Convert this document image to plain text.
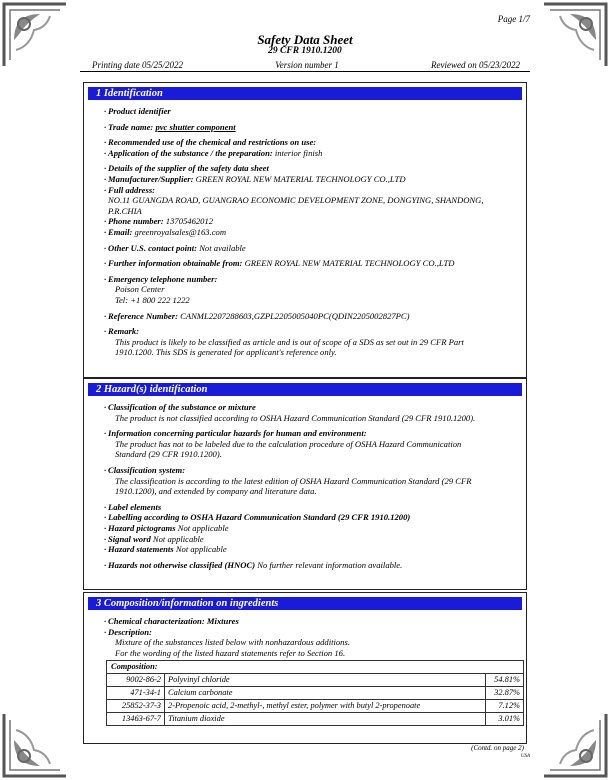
Page 1/7
Safety Data Sheet
29 CFR 1910.1200
Printing date 05/25/2022	Version number 1	Reviewed on 05/23/2022
1 Identification
· Product identifier
· Trade name: pvc shutter component
· Recommended use of the chemical and restrictions on use:
· Application of the substance / the preparation: interior finish
· Details of the supplier of the safety data sheet
· Manufacturer/Supplier: GREEN ROYAL NEW MATERIAL TECHNOLOGY CO.,LTD
· Full address:
NO.11 GUANGDA ROAD, GUANGRAO ECONOMIC DEVELOPMENT ZONE, DONGYING, SHANDONG,
P.R.CHIA
· Phone number: 13705462012
· Email: greenroyalsales@163.com
· Other U.S. contact point: Not available
· Further information obtainable from: GREEN ROYAL NEW MATERIAL TECHNOLOGY CO.,LTD
· Emergency telephone number:
Poison Center
Tel: +1 800 222 1222
· Reference Number: CANML2207288603,GZPL2205005040PC(QDIN2205002827PC)
· Remark:
This product is likely to be classified as article and is out of scope of a SDS as set out in 29 CFR Part
1910.1200. This SDS is generated for applicant's reference only.
2 Hazard(s) identification
· Classification of the substance or mixture
The product is not classified according to OSHA Hazard Communication Standard (29 CFR 1910.1200).
· Information concerning particular hazards for human and environment:
The product has not to be labeled due to the calculation procedure of OSHA Hazard Communication
Standard (29 CFR 1910.1200).
· Classification system:
The classification is according to the latest edition of OSHA Hazard Communication Standard (29 CFR
1910.1200), and extended by company and literature data.
· Label elements
· Labelling according to OSHA Hazard Communication Standard (29 CFR 1910.1200)
· Hazard pictograms Not applicable
· Signal word Not applicable
· Hazard statements Not applicable
· Hazards not otherwise classified (HNOC) No further relevant information available.
3 Composition/information on ingredients
· Chemical characterization: Mixtures
· Description:
Mixture of the substances listed below with nonhazardous additions.
For the wording of the listed hazard statements refer to Section 16.
Composition:		
9002-86-2	Polyvinyl chloride	54.81%
471-34-1	Calcium carbonate	32.87%
25852-37-3	2-Propenoic acid, 2-methyl-, methyl ester, polymer with butyl 2-propenoate	7.12%
13463-67-7	Titanium dioxide	3.01%
(Contd. on page 2)
USA
